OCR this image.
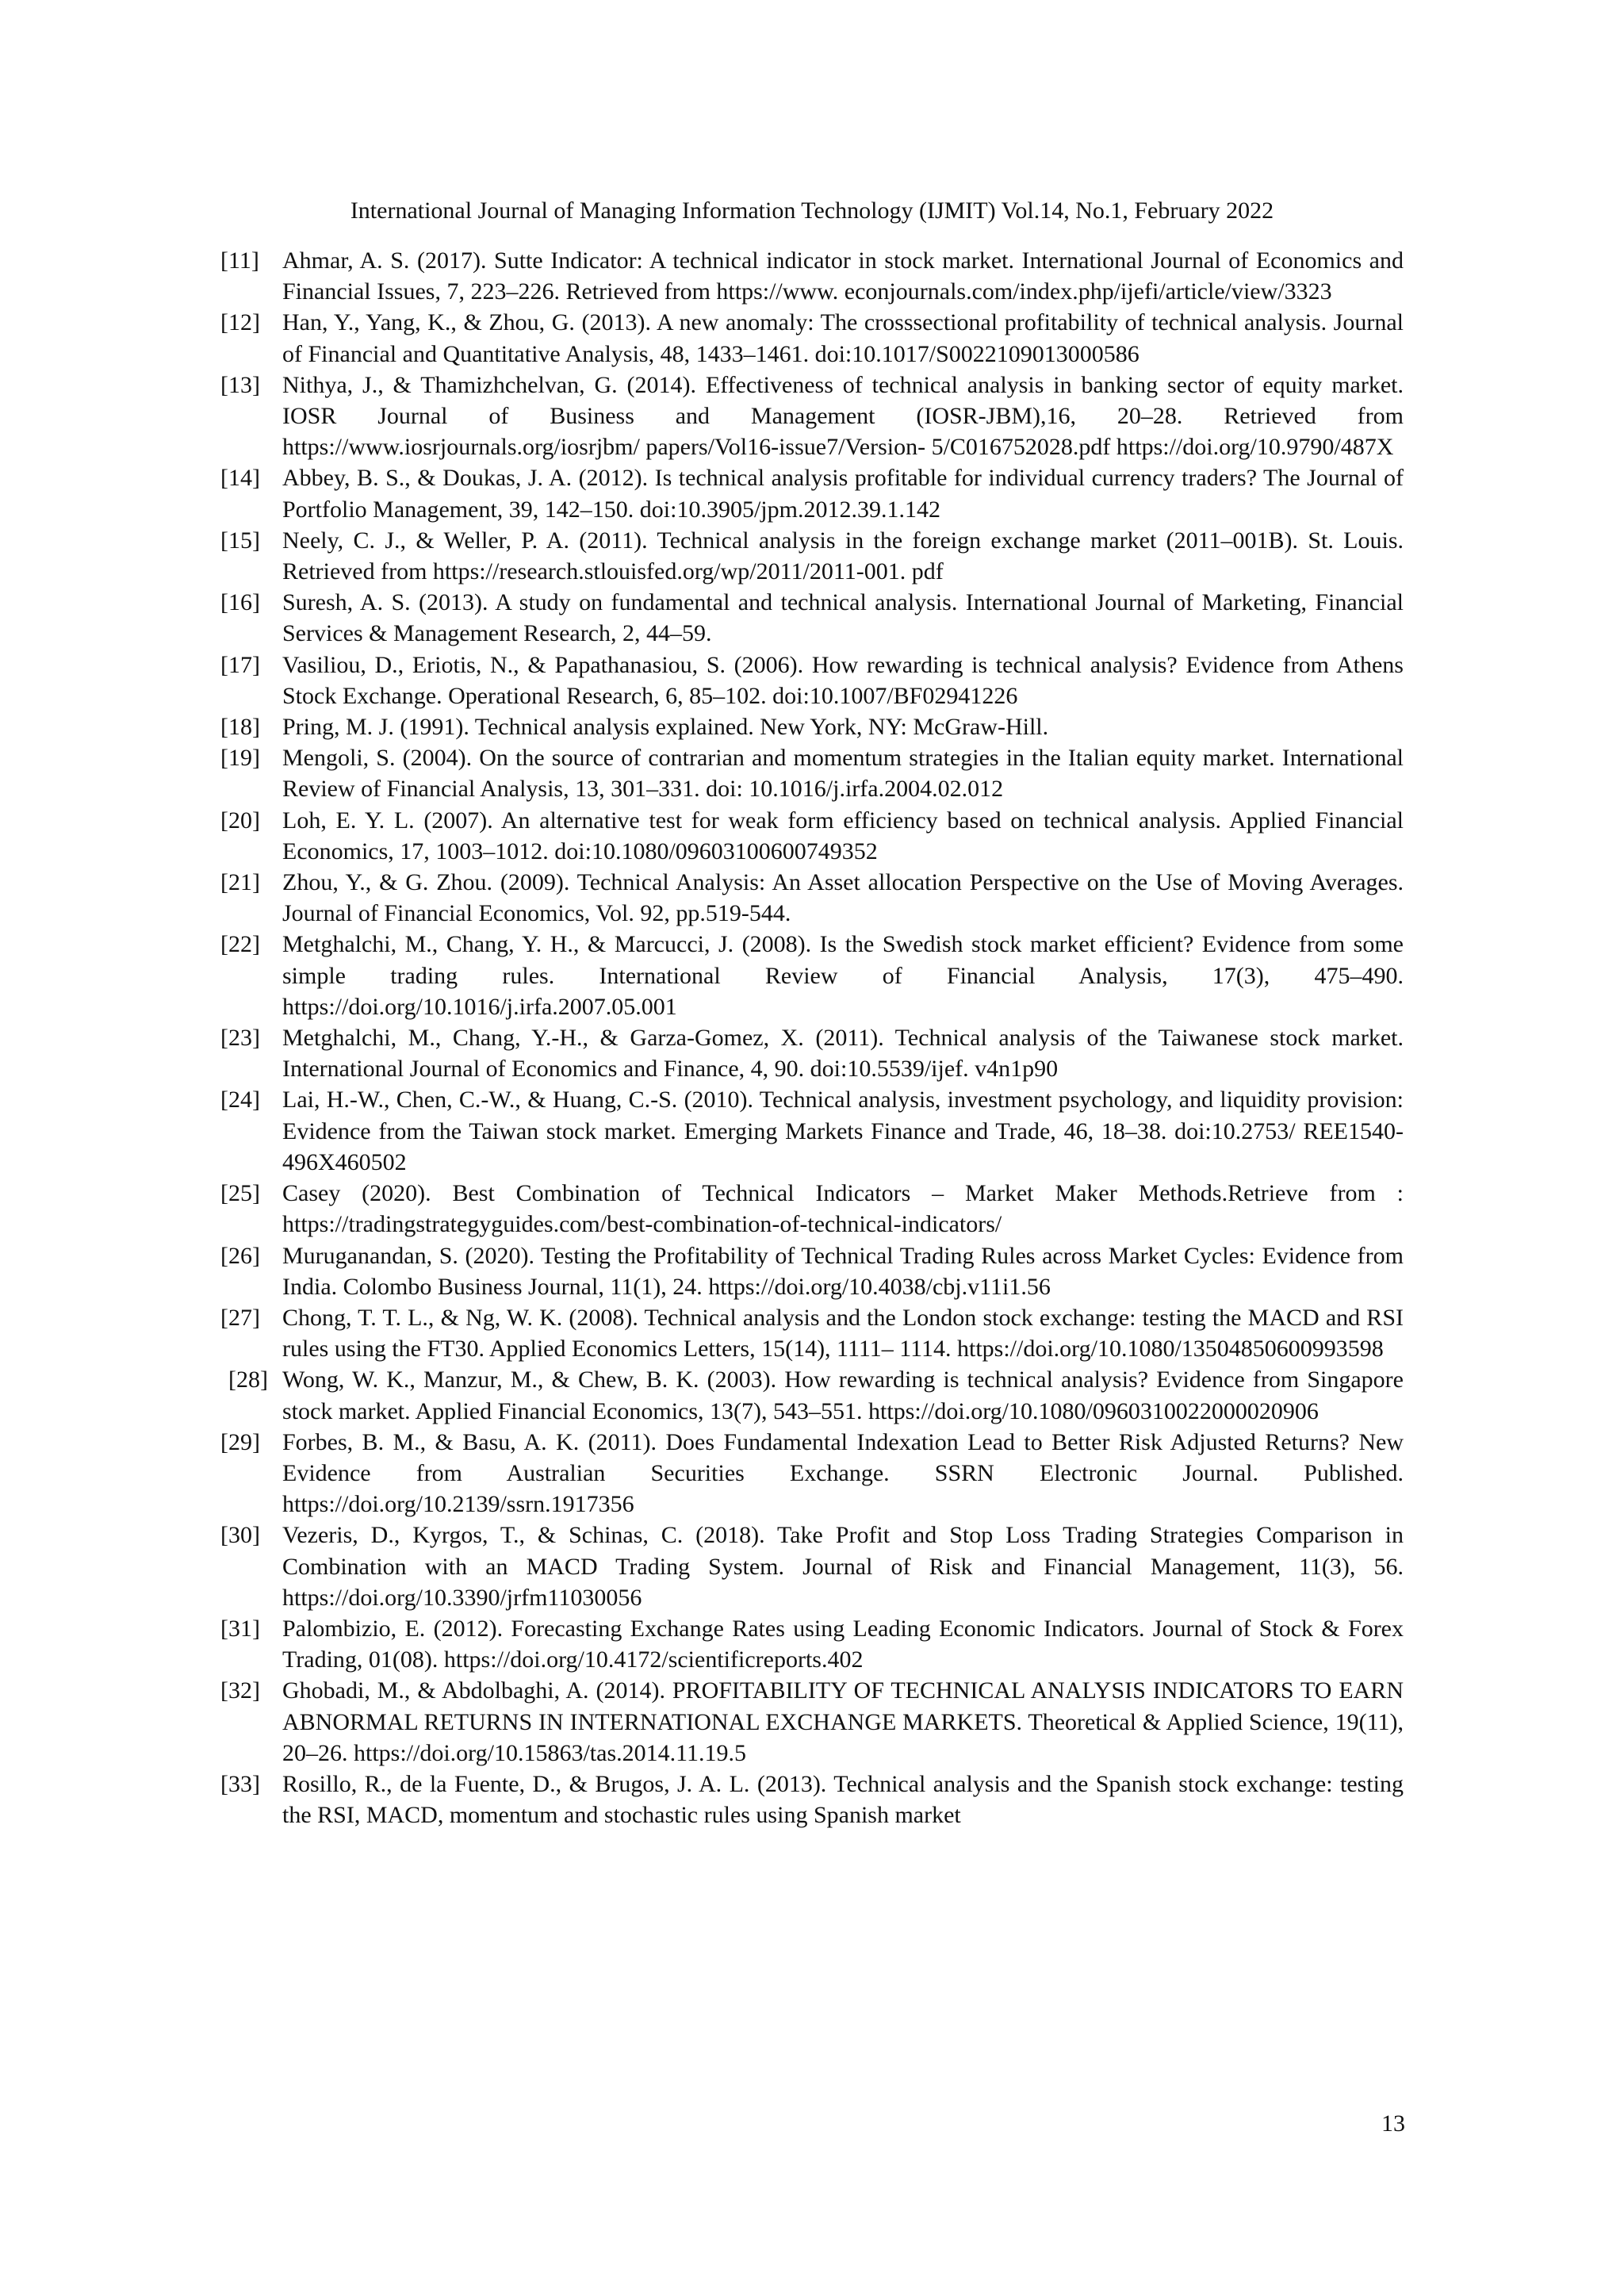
International Journal of Managing Information Technology (IJMIT) Vol.14, No.1, February 2022
[11] Ahmar, A. S. (2017). Sutte Indicator: A technical indicator in stock market. International Journal of Economics and Financial Issues, 7, 223–226. Retrieved from https://www. econjournals.com/index.php/ijefi/article/view/3323
[12] Han, Y., Yang, K., & Zhou, G. (2013). A new anomaly: The crosssectional profitability of technical analysis. Journal of Financial and Quantitative Analysis, 48, 1433–1461. doi:10.1017/S0022109013000586
[13] Nithya, J., & Thamizhchelvan, G. (2014). Effectiveness of technical analysis in banking sector of equity market. IOSR Journal of Business and Management (IOSR-JBM),16, 20–28. Retrieved from https://www.iosrjournals.org/iosrjbm/ papers/Vol16-issue7/Version- 5/C016752028.pdf https://doi.org/10.9790/487X
[14] Abbey, B. S., & Doukas, J. A. (2012). Is technical analysis profitable for individual currency traders? The Journal of Portfolio Management, 39, 142–150. doi:10.3905/jpm.2012.39.1.142
[15] Neely, C. J., & Weller, P. A. (2011). Technical analysis in the foreign exchange market (2011–001B). St. Louis. Retrieved from https://research.stlouisfed.org/wp/2011/2011-001. pdf
[16] Suresh, A. S. (2013). A study on fundamental and technical analysis. International Journal of Marketing, Financial Services & Management Research, 2, 44–59.
[17] Vasiliou, D., Eriotis, N., & Papathanasiou, S. (2006). How rewarding is technical analysis? Evidence from Athens Stock Exchange. Operational Research, 6, 85–102. doi:10.1007/BF02941226
[18] Pring, M. J. (1991). Technical analysis explained. New York, NY: McGraw-Hill.
[19] Mengoli, S. (2004). On the source of contrarian and momentum strategies in the Italian equity market. International Review of Financial Analysis, 13, 301–331. doi: 10.1016/j.irfa.2004.02.012
[20] Loh, E. Y. L. (2007). An alternative test for weak form efficiency based on technical analysis. Applied Financial Economics, 17, 1003–1012. doi:10.1080/09603100600749352
[21] Zhou, Y., & G. Zhou. (2009). Technical Analysis: An Asset allocation Perspective on the Use of Moving Averages. Journal of Financial Economics, Vol. 92, pp.519-544.
[22] Metghalchi, M., Chang, Y. H., & Marcucci, J. (2008). Is the Swedish stock market efficient? Evidence from some simple trading rules. International Review of Financial Analysis, 17(3), 475–490. https://doi.org/10.1016/j.irfa.2007.05.001
[23] Metghalchi, M., Chang, Y.-H., & Garza-Gomez, X. (2011). Technical analysis of the Taiwanese stock market. International Journal of Economics and Finance, 4, 90. doi:10.5539/ijef. v4n1p90
[24] Lai, H.-W., Chen, C.-W., & Huang, C.-S. (2010). Technical analysis, investment psychology, and liquidity provision: Evidence from the Taiwan stock market. Emerging Markets Finance and Trade, 46, 18–38. doi:10.2753/ REE1540-496X460502
[25] Casey (2020). Best Combination of Technical Indicators – Market Maker Methods.Retrieve from : https://tradingstrategyguides.com/best-combination-of-technical-indicators/
[26] Muruganandan, S. (2020). Testing the Profitability of Technical Trading Rules across Market Cycles: Evidence from India. Colombo Business Journal, 11(1), 24. https://doi.org/10.4038/cbj.v11i1.56
[27] Chong, T. T. L., & Ng, W. K. (2008). Technical analysis and the London stock exchange: testing the MACD and RSI rules using the FT30. Applied Economics Letters, 15(14), 1111– 1114. https://doi.org/10.1080/13504850600993598
[28] Wong, W. K., Manzur, M., & Chew, B. K. (2003). How rewarding is technical analysis? Evidence from Singapore stock market. Applied Financial Economics, 13(7), 543–551. https://doi.org/10.1080/0960310022000020906
[29] Forbes, B. M., & Basu, A. K. (2011). Does Fundamental Indexation Lead to Better Risk Adjusted Returns? New Evidence from Australian Securities Exchange. SSRN Electronic Journal. Published. https://doi.org/10.2139/ssrn.1917356
[30] Vezeris, D., Kyrgos, T., & Schinas, C. (2018). Take Profit and Stop Loss Trading Strategies Comparison in Combination with an MACD Trading System. Journal of Risk and Financial Management, 11(3), 56. https://doi.org/10.3390/jrfm11030056
[31] Palombizio, E. (2012). Forecasting Exchange Rates using Leading Economic Indicators. Journal of Stock & Forex Trading, 01(08). https://doi.org/10.4172/scientificreports.402
[32] Ghobadi, M., & Abdolbaghi, A. (2014). PROFITABILITY OF TECHNICAL ANALYSIS INDICATORS TO EARN ABNORMAL RETURNS IN INTERNATIONAL EXCHANGE MARKETS. Theoretical & Applied Science, 19(11), 20–26. https://doi.org/10.15863/tas.2014.11.19.5
[33] Rosillo, R., de la Fuente, D., & Brugos, J. A. L. (2013). Technical analysis and the Spanish stock exchange: testing the RSI, MACD, momentum and stochastic rules using Spanish market
13
